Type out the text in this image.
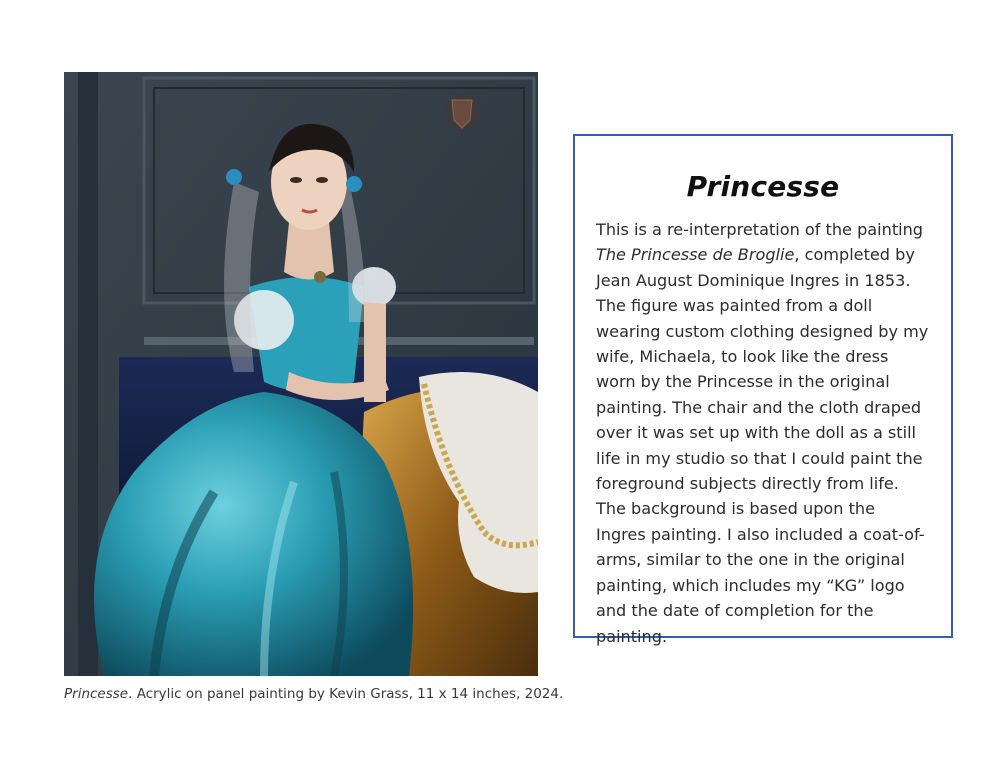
Princesse. Acrylic on panel painting by Kevin Grass, 11 x 14 inches, 2024.
Princesse

This is a re-interpretation of the painting The Princesse de Broglie, completed by Jean August Dominique Ingres in 1853. The figure was painted from a doll wearing custom clothing designed by my wife, Michaela, to look like the dress worn by the Princesse in the original painting. The chair and the cloth draped over it was set up with the doll as a still life in my studio so that I could paint the foreground subjects directly from life. The background is based upon the Ingres painting. I also included a coat-of-arms, similar to the one in the original painting, which includes my “KG” logo and the date of completion for the painting.
